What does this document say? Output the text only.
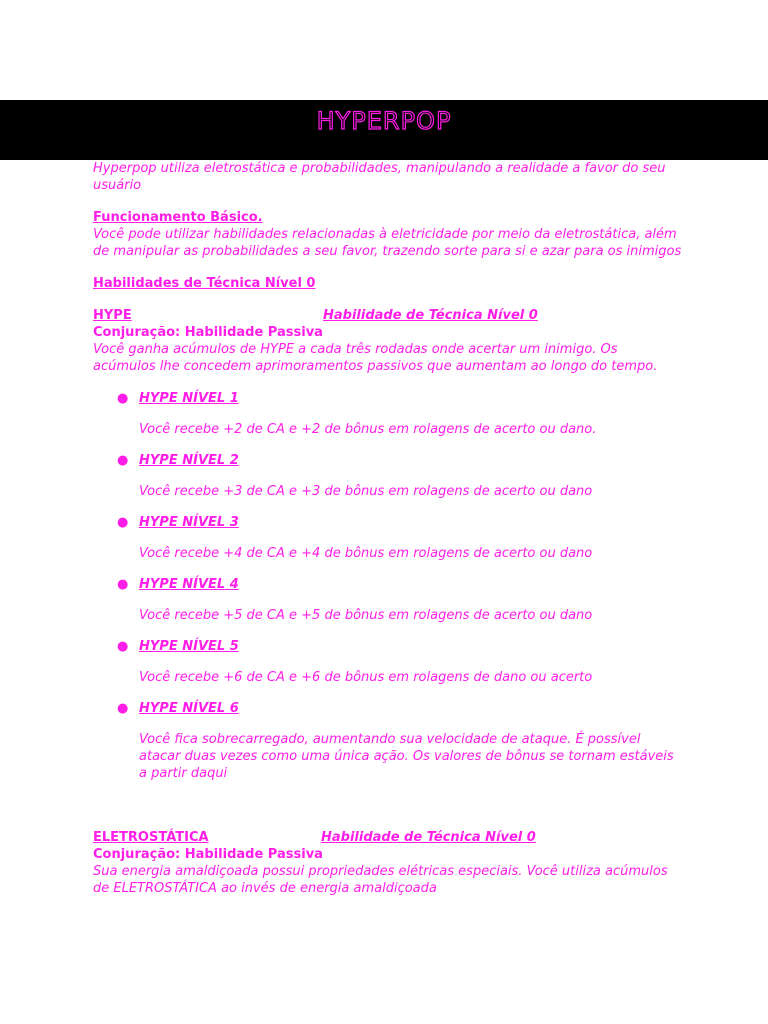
HYPERPOP

Hyperpop utiliza eletrostática e probabilidades, manipulando a realidade a favor do seu usuário

Funcionamento Básico.

Você pode utilizar habilidades relacionadas à eletricidade por meio da eletrostática, além de manipular as probabilidades a seu favor, trazendo sorte para si e azar para os inimigos

Habilidades de Técnica Nível 0

HYPE	Habilidade de Técnica Nível 0

Conjuração: Habilidade Passiva

Você ganha acúmulos de HYPE a cada três rodadas onde acertar um inimigo. Os acúmulos lhe concedem aprimoramentos passivos que aumentam ao longo do tempo.

● HYPE NÍVEL 1
Você recebe +2 de CA e +2 de bônus em rolagens de acerto ou dano.
● HYPE NÍVEL 2
Você recebe +3 de CA e +3 de bônus em rolagens de acerto ou dano
● HYPE NÍVEL 3
Você recebe +4 de CA e +4 de bônus em rolagens de acerto ou dano
● HYPE NÍVEL 4
Você recebe +5 de CA e +5 de bônus em rolagens de acerto ou dano
● HYPE NÍVEL 5
Você recebe +6 de CA e +6 de bônus em rolagens de dano ou acerto
● HYPE NÍVEL 6
Você fica sobrecarregado, aumentando sua velocidade de ataque. É possível atacar duas vezes como uma única ação. Os valores de bônus se tornam estáveis a partir daqui
ELETROSTÁTICA	Habilidade de Técnica Nível 0

Conjuração: Habilidade Passiva

Sua energia amaldiçoada possui propriedades elétricas especiais. Você utiliza acúmulos de ELETROSTÁTICA ao invés de energia amaldiçoada
